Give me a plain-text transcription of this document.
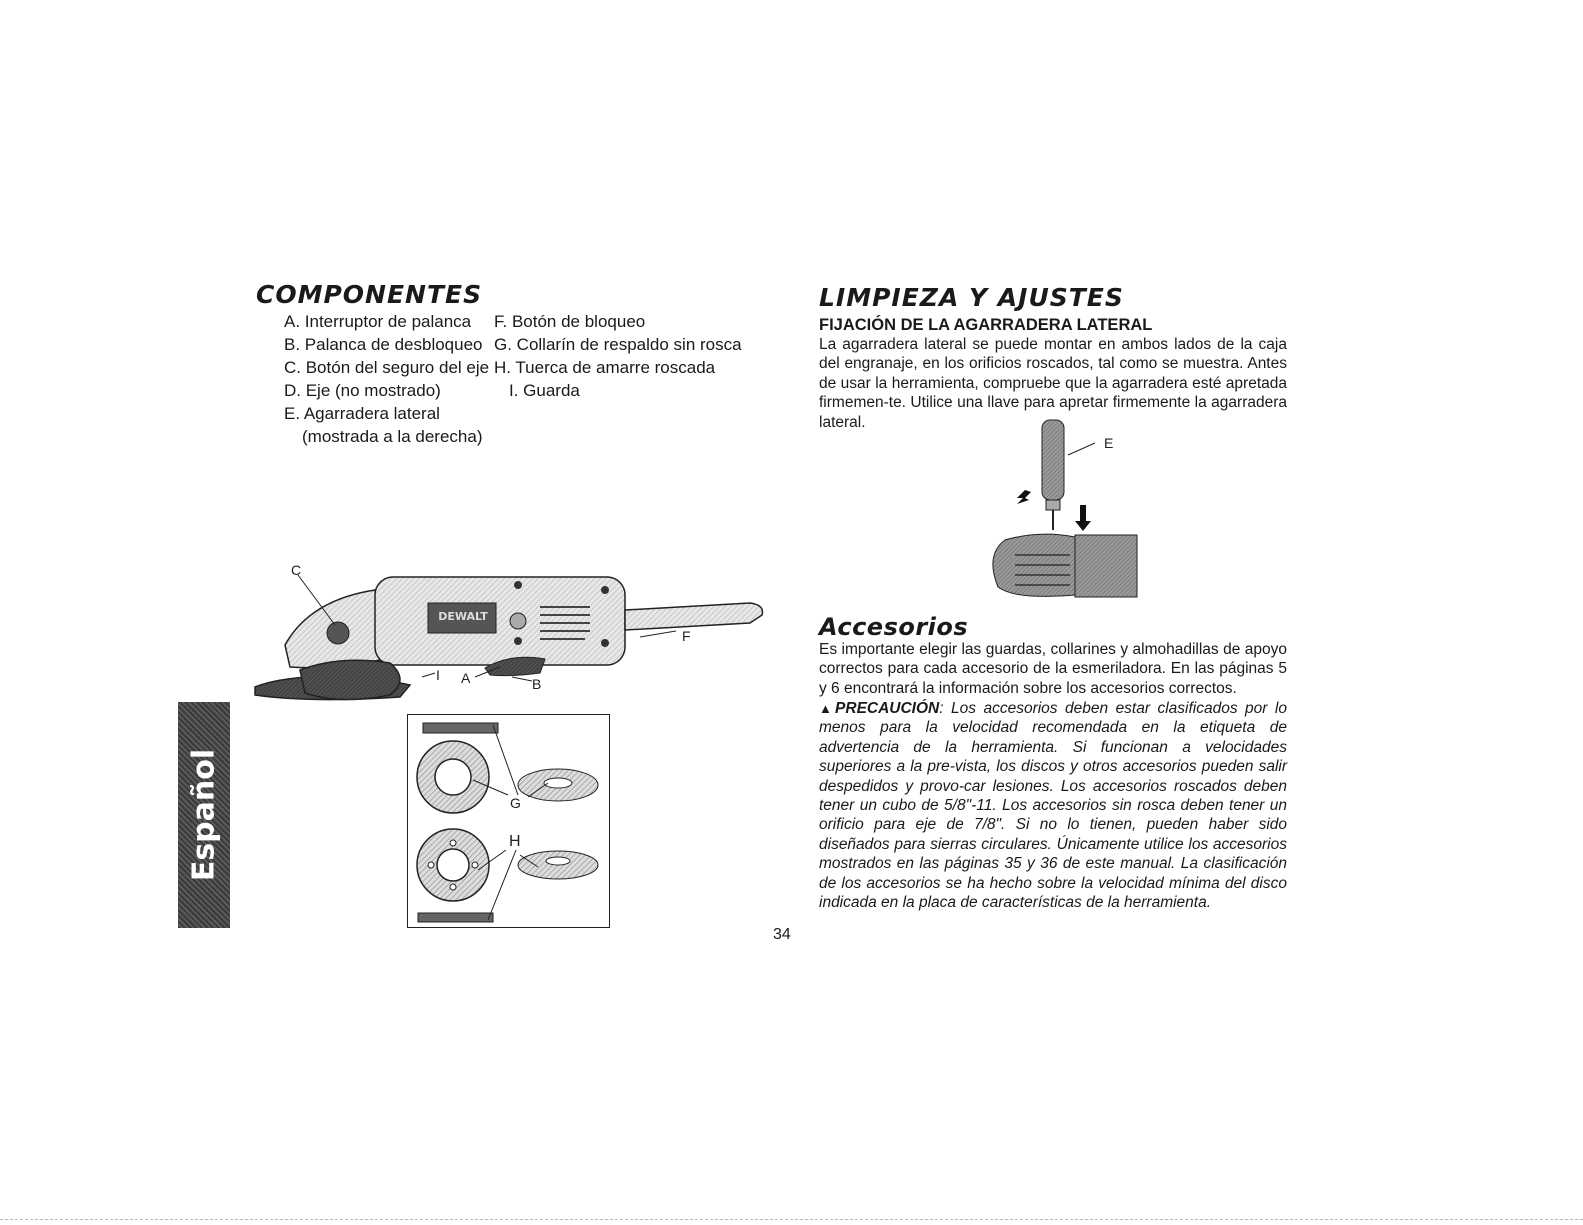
COMPONENTES
A. Interruptor de palanca
B. Palanca de desbloqueo
C. Botón del seguro del eje
D. Eje (no mostrado)
E. Agarradera lateral
(mostrada a la derecha)
F. Botón de bloqueo
G. Collarín de respaldo sin rosca
H. Tuerca de amarre roscada
I. Guarda
DEWALT
C
I A	B
F
G
H
Español
LIMPIEZA Y AJUSTES
FIJACIÓN DE LA AGARRADERA LATERAL
La agarradera lateral se puede montar en ambos lados de la caja del engranaje, en los orificios roscados, tal como se muestra. Antes de usar la herramienta, compruebe que la agarradera esté apretada firmemen-te. Utilice una llave para apretar firmemente la agarradera lateral.
E
Accesorios
Es importante elegir las guardas, collarines y almohadillas de apoyo correctos para cada accesorio de la esmeriladora. En las páginas 5 y 6 encontrará la información sobre los accesorios correctos.
▲PRECAUCIÓN: Los accesorios deben estar clasificados por lo menos para la velocidad recomendada en la etiqueta de advertencia de la herramienta. Si funcionan a velocidades superiores a la pre-vista, los discos y otros accesorios pueden salir despedidos y provo-car lesiones. Los accesorios roscados deben tener un cubo de 5/8"-11. Los accesorios sin rosca deben tener un orificio para eje de 7/8". Si no lo tienen, pueden haber sido diseñados para sierras circulares. Únicamente utilice los accesorios mostrados en las páginas 35 y 36 de este manual. La clasificación de los accesorios se ha hecho sobre la velocidad mínima del disco indicada en la placa de características de la herramienta.
34
